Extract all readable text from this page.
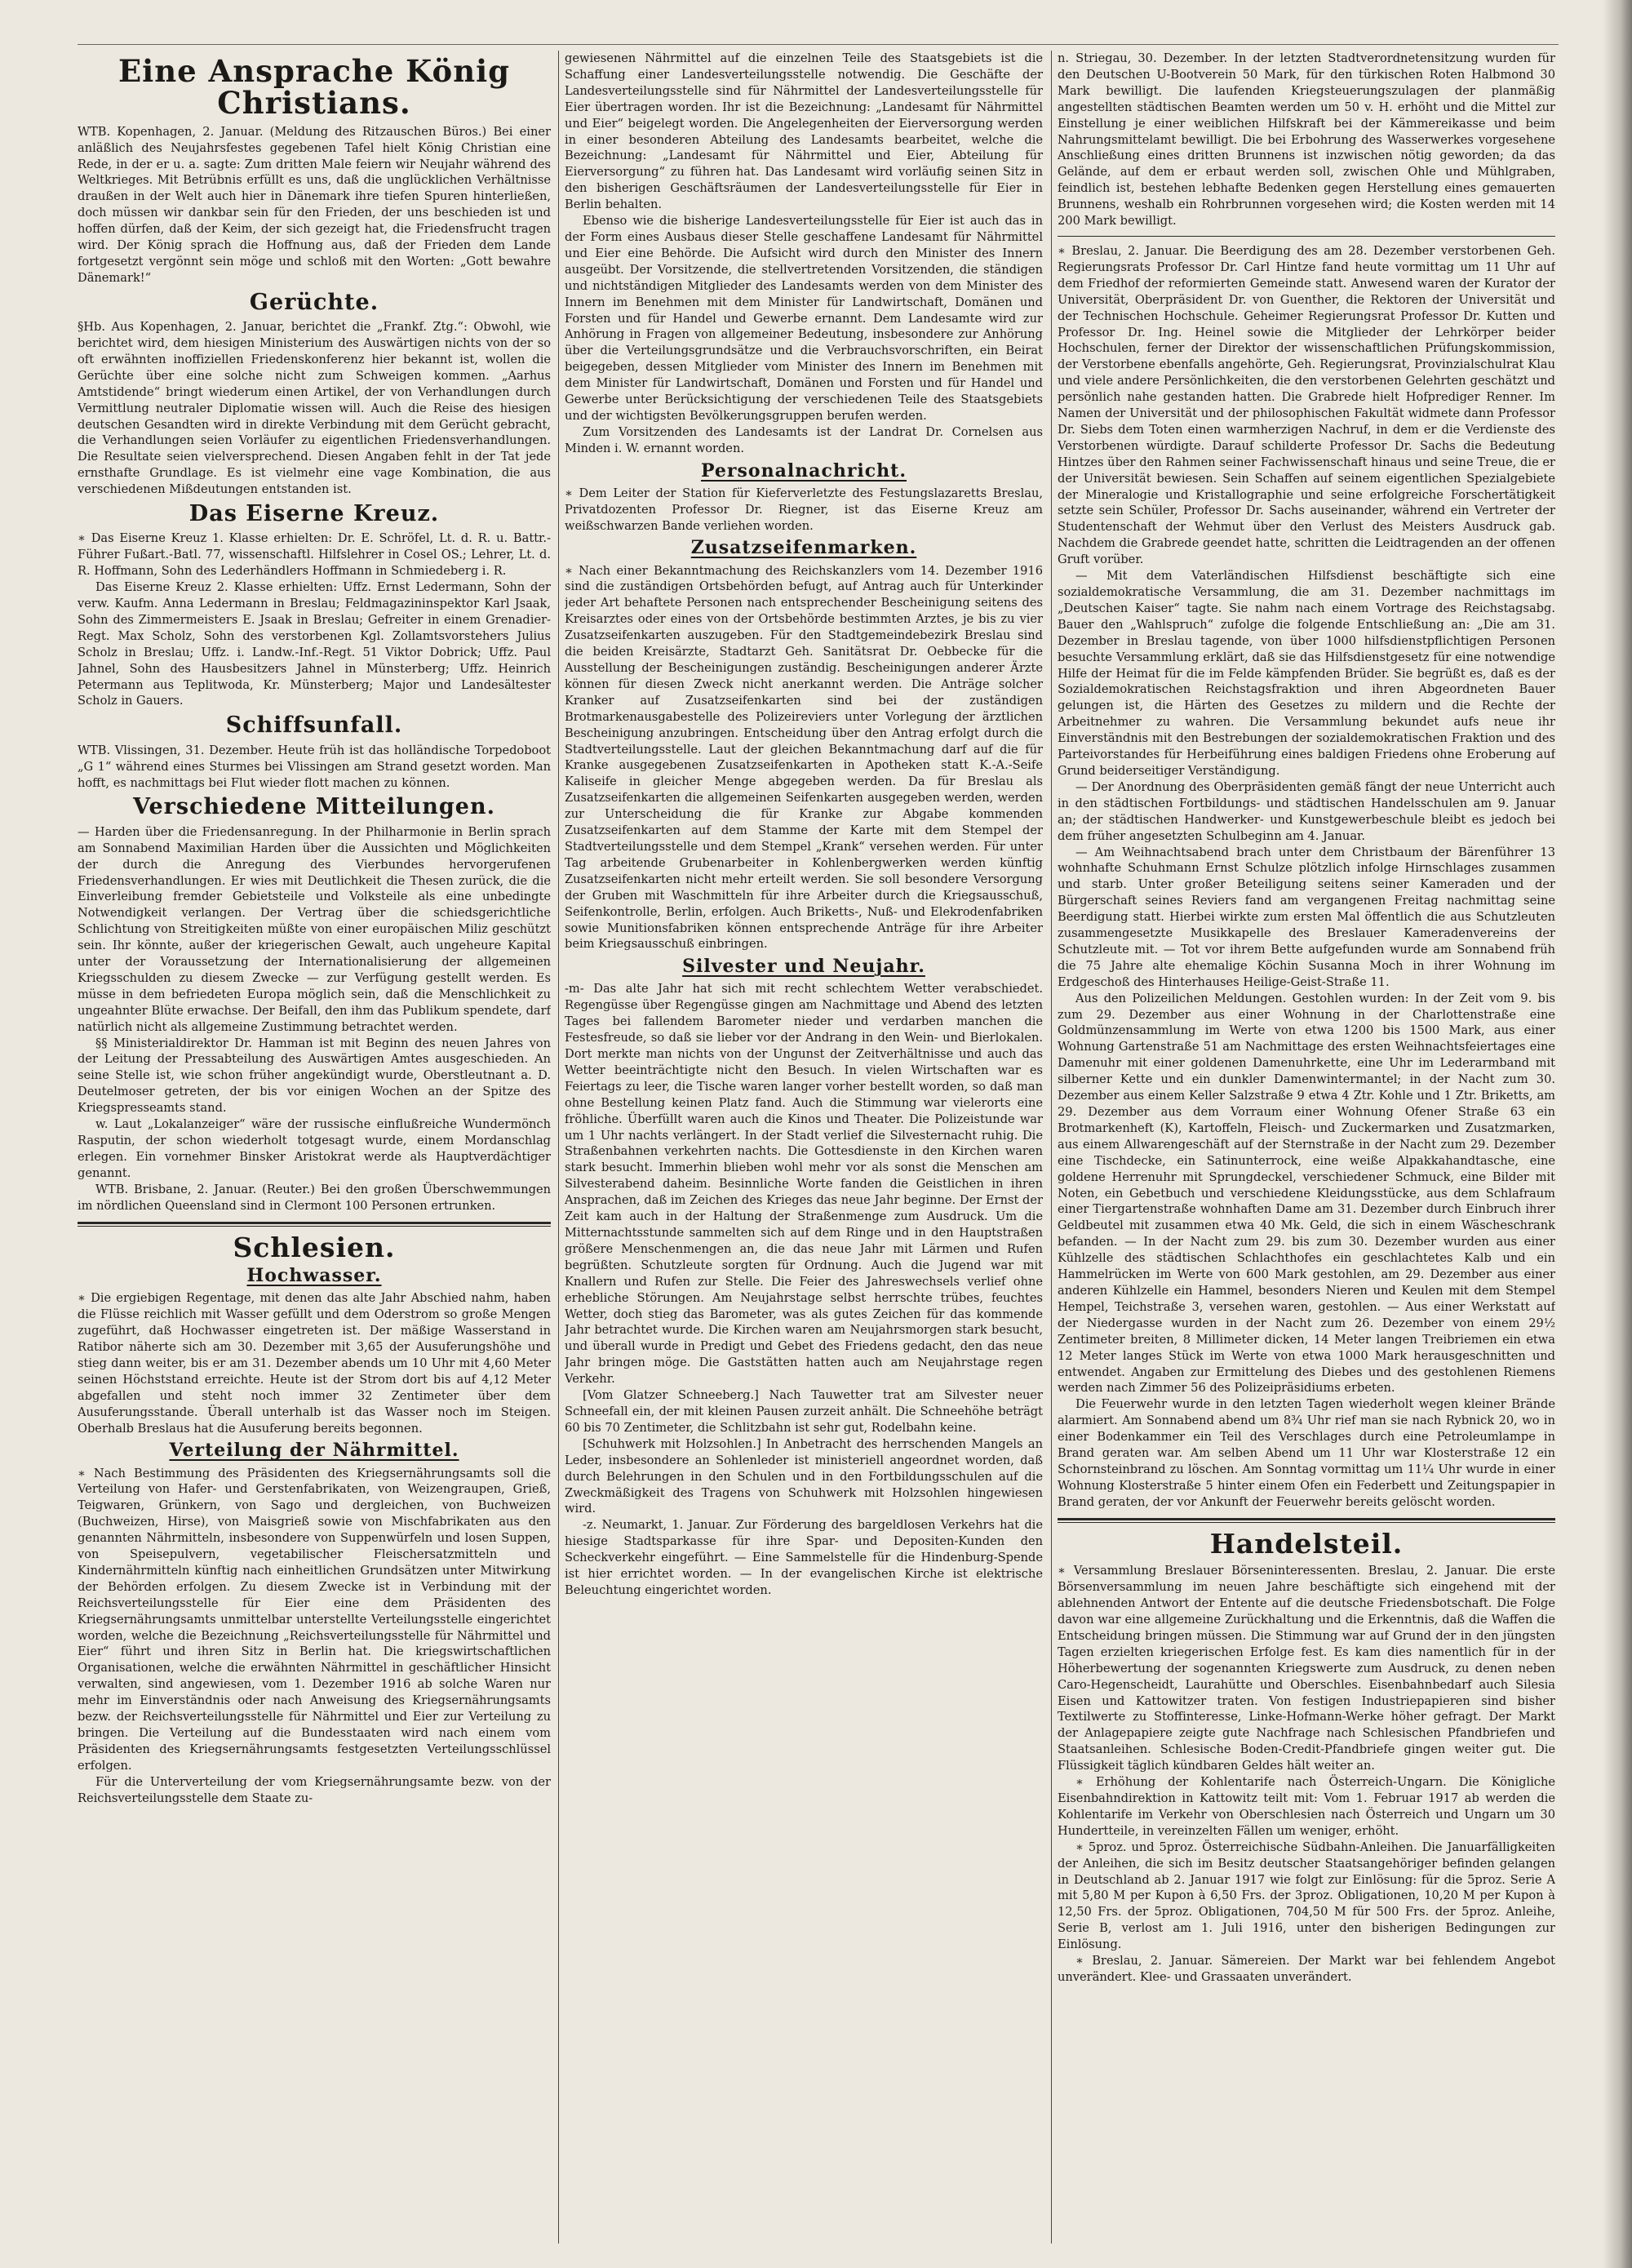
Eine Ansprache König Christians.

WTB. Kopenhagen, 2. Januar. (Meldung des Ritzauschen Büros.) Bei einer anläßlich des Neujahrsfestes gegebenen Tafel hielt König Christian eine Rede, in der er u. a. sagte: Zum dritten Male feiern wir Neujahr während des Weltkrieges. Mit Betrübnis erfüllt es uns, daß die unglücklichen Verhältnisse draußen in der Welt auch hier in Dänemark ihre tiefen Spuren hinterließen, doch müssen wir dankbar sein für den Frieden, der uns beschieden ist und hoffen dürfen, daß der Keim, der sich gezeigt hat, die Friedensfrucht tragen wird. Der König sprach die Hoffnung aus, daß der Frieden dem Lande fortgesetzt vergönnt sein möge und schloß mit den Worten: „Gott bewahre Dänemark!“

Gerüchte.

§Hb. Aus Kopenhagen, 2. Januar, berichtet die „Frankf. Ztg.“: Obwohl, wie berichtet wird, dem hiesigen Ministerium des Auswärtigen nichts von der so oft erwähnten inoffiziellen Friedenskonferenz hier bekannt ist, wollen die Gerüchte über eine solche nicht zum Schweigen kommen. „Aarhus Amtstidende“ bringt wiederum einen Artikel, der von Verhandlungen durch Vermittlung neutraler Diplomatie wissen will. Auch die Reise des hiesigen deutschen Gesandten wird in direkte Verbindung mit dem Gerücht gebracht, die Verhandlungen seien Vorläufer zu eigentlichen Friedensverhandlungen. Die Resultate seien vielversprechend. Diesen Angaben fehlt in der Tat jede ernsthafte Grundlage. Es ist vielmehr eine vage Kombination, die aus verschiedenen Mißdeutungen entstanden ist.

Das Eiserne Kreuz.

∗ Das Eiserne Kreuz 1. Klasse erhielten: Dr. E. Schröfel, Lt. d. R. u. Battr.-Führer Fußart.-Batl. 77, wissenschaftl. Hilfslehrer in Cosel OS.; Lehrer, Lt. d. R. Hoffmann, Sohn des Lederhändlers Hoffmann in Schmiedeberg i. R.

Das Eiserne Kreuz 2. Klasse erhielten: Uffz. Ernst Ledermann, Sohn der verw. Kaufm. Anna Ledermann in Breslau; Feldmagazininspektor Karl Jsaak, Sohn des Zimmermeisters E. Jsaak in Breslau; Gefreiter in einem Grenadier-Regt. Max Scholz, Sohn des verstorbenen Kgl. Zollamtsvorstehers Julius Scholz in Breslau; Uffz. i. Landw.-Inf.-Regt. 51 Viktor Dobrick; Uffz. Paul Jahnel, Sohn des Hausbesitzers Jahnel in Münsterberg; Uffz. Heinrich Petermann aus Teplitwoda, Kr. Münsterberg; Major und Landesältester Scholz in Gauers.

Schiffsunfall.

WTB. Vlissingen, 31. Dezember. Heute früh ist das holländische Torpedoboot „G 1“ während eines Sturmes bei Vlissingen am Strand gesetzt worden. Man hofft, es nachmittags bei Flut wieder flott machen zu können.

Verschiedene Mitteilungen.

— Harden über die Friedensanregung. In der Philharmonie in Berlin sprach am Sonnabend Maximilian Harden über die Aussichten und Möglichkeiten der durch die Anregung des Vierbundes hervorgerufenen Friedensverhandlungen. Er wies mit Deutlichkeit die Thesen zurück, die die Einverleibung fremder Gebietsteile und Volksteile als eine unbedingte Notwendigkeit verlangen. Der Vertrag über die schiedsgerichtliche Schlichtung von Streitigkeiten müßte von einer europäischen Miliz geschützt sein. Ihr könnte, außer der kriegerischen Gewalt, auch ungeheure Kapital unter der Voraussetzung der Internationalisierung der allgemeinen Kriegsschulden zu diesem Zwecke — zur Verfügung gestellt werden. Es müsse in dem befriedeten Europa möglich sein, daß die Menschlichkeit zu ungeahnter Blüte erwachse. Der Beifall, den ihm das Publikum spendete, darf natürlich nicht als allgemeine Zustimmung betrachtet werden.

§§ Ministerialdirektor Dr. Hamman ist mit Beginn des neuen Jahres von der Leitung der Pressabteilung des Auswärtigen Amtes ausgeschieden. An seine Stelle ist, wie schon früher angekündigt wurde, Oberstleutnant a. D. Deutelmoser getreten, der bis vor einigen Wochen an der Spitze des Kriegspresseamts stand.

w. Laut „Lokalanzeiger“ wäre der russische einflußreiche Wundermönch Rasputin, der schon wiederholt totgesagt wurde, einem Mordanschlag erlegen. Ein vornehmer Binsker Aristokrat werde als Hauptverdächtiger genannt.

WTB. Brisbane, 2. Januar. (Reuter.) Bei den großen Überschwemmungen im nördlichen Queensland sind in Clermont 100 Personen ertrunken.

Schlesien.
Hochwasser.

∗ Die ergiebigen Regentage, mit denen das alte Jahr Abschied nahm, haben die Flüsse reichlich mit Wasser gefüllt und dem Oderstrom so große Mengen zugeführt, daß Hochwasser eingetreten ist. Der mäßige Wasserstand in Ratibor näherte sich am 30. Dezember mit 3,65 der Ausuferungshöhe und stieg dann weiter, bis er am 31. Dezember abends um 10 Uhr mit 4,60 Meter seinen Höchststand erreichte. Heute ist der Strom dort bis auf 4,12 Meter abgefallen und steht noch immer 32 Zentimeter über dem Ausuferungsstande. Überall unterhalb ist das Wasser noch im Steigen. Oberhalb Breslaus hat die Ausuferung bereits begonnen.

Verteilung der Nährmittel.

∗ Nach Bestimmung des Präsidenten des Kriegsernährungsamts soll die Verteilung von Hafer- und Gerstenfabrikaten, von Weizengraupen, Grieß, Teigwaren, Grünkern, von Sago und dergleichen, von Buchweizen (Buchweizen, Hirse), von Maisgrieß sowie von Mischfabrikaten aus den genannten Nährmitteln, insbesondere von Suppenwürfeln und losen Suppen, von Speisepulvern, vegetabilischer Fleischersatzmitteln und Kindernährmitteln künftig nach einheitlichen Grundsätzen unter Mitwirkung der Behörden erfolgen. Zu diesem Zwecke ist in Verbindung mit der Reichsverteilungsstelle für Eier eine dem Präsidenten des Kriegsernährungsamts unmittelbar unterstellte Verteilungsstelle eingerichtet worden, welche die Bezeichnung „Reichsverteilungsstelle für Nährmittel und Eier“ führt und ihren Sitz in Berlin hat. Die kriegswirtschaftlichen Organisationen, welche die erwähnten Nährmittel in geschäftlicher Hinsicht verwalten, sind angewiesen, vom 1. Dezember 1916 ab solche Waren nur mehr im Einverständnis oder nach Anweisung des Kriegsernährungsamts bezw. der Reichsverteilungsstelle für Nährmittel und Eier zur Verteilung zu bringen. Die Verteilung auf die Bundesstaaten wird nach einem vom Präsidenten des Kriegsernährungsamts festgesetzten Verteilungsschlüssel erfolgen.

Für die Unterverteilung der vom Kriegsernährungsamte bezw. von der Reichsverteilungsstelle dem Staate zu-

gewiesenen Nährmittel auf die einzelnen Teile des Staatsgebiets ist die Schaffung einer Landesverteilungsstelle notwendig. Die Geschäfte der Landesverteilungsstelle sind für Nährmittel der Landesverteilungsstelle für Eier übertragen worden. Ihr ist die Bezeichnung: „Landesamt für Nährmittel und Eier“ beigelegt worden. Die Angelegenheiten der Eierversorgung werden in einer besonderen Abteilung des Landesamts bearbeitet, welche die Bezeichnung: „Landesamt für Nährmittel und Eier, Abteilung für Eierversorgung“ zu führen hat. Das Landesamt wird vorläufig seinen Sitz in den bisherigen Geschäftsräumen der Landesverteilungsstelle für Eier in Berlin behalten.

Ebenso wie die bisherige Landesverteilungsstelle für Eier ist auch das in der Form eines Ausbaus dieser Stelle geschaffene Landesamt für Nährmittel und Eier eine Behörde. Die Aufsicht wird durch den Minister des Innern ausgeübt. Der Vorsitzende, die stellvertretenden Vorsitzenden, die ständigen und nichtständigen Mitglieder des Landesamts werden von dem Minister des Innern im Benehmen mit dem Minister für Landwirtschaft, Domänen und Forsten und für Handel und Gewerbe ernannt. Dem Landesamte wird zur Anhörung in Fragen von allgemeiner Bedeutung, insbesondere zur Anhörung über die Verteilungsgrundsätze und die Verbrauchsvorschriften, ein Beirat beigegeben, dessen Mitglieder vom Minister des Innern im Benehmen mit dem Minister für Landwirtschaft, Domänen und Forsten und für Handel und Gewerbe unter Berücksichtigung der verschiedenen Teile des Staatsgebiets und der wichtigsten Bevölkerungsgruppen berufen werden.

Zum Vorsitzenden des Landesamts ist der Landrat Dr. Cornelsen aus Minden i. W. ernannt worden.

Personalnachricht.

∗ Dem Leiter der Station für Kieferverletzte des Festungslazaretts Breslau, Privatdozenten Professor Dr. Riegner, ist das Eiserne Kreuz am weißschwarzen Bande verliehen worden.

Zusatzseifenmarken.

∗ Nach einer Bekanntmachung des Reichskanzlers vom 14. Dezember 1916 sind die zuständigen Ortsbehörden befugt, auf Antrag auch für Unterkinder jeder Art behaftete Personen nach entsprechender Bescheinigung seitens des Kreisarztes oder eines von der Ortsbehörde bestimmten Arztes, je bis zu vier Zusatzseifenkarten auszugeben. Für den Stadtgemeindebezirk Breslau sind die beiden Kreisärzte, Stadtarzt Geh. Sanitätsrat Dr. Oebbecke für die Ausstellung der Bescheinigungen zuständig. Bescheinigungen anderer Ärzte können für diesen Zweck nicht anerkannt werden. Die Anträge solcher Kranker auf Zusatzseifenkarten sind bei der zuständigen Brotmarkenausgabestelle des Polizeireviers unter Vorlegung der ärztlichen Bescheinigung anzubringen. Entscheidung über den Antrag erfolgt durch die Stadtverteilungsstelle. Laut der gleichen Bekanntmachung darf auf die für Kranke ausgegebenen Zusatzseifenkarten in Apotheken statt K.-A.-Seife Kaliseife in gleicher Menge abgegeben werden. Da für Breslau als Zusatzseifenkarten die allgemeinen Seifenkarten ausgegeben werden, werden zur Unterscheidung die für Kranke zur Abgabe kommenden Zusatzseifenkarten auf dem Stamme der Karte mit dem Stempel der Stadtverteilungsstelle und dem Stempel „Krank“ versehen werden. Für unter Tag arbeitende Grubenarbeiter in Kohlenbergwerken werden künftig Zusatzseifenkarten nicht mehr erteilt werden. Sie soll besondere Versorgung der Gruben mit Waschmitteln für ihre Arbeiter durch die Kriegsausschuß, Seifenkontrolle, Berlin, erfolgen. Auch Briketts-, Nuß- und Elekrodenfabriken sowie Munitionsfabriken können entsprechende Anträge für ihre Arbeiter beim Kriegsausschuß einbringen.

Silvester und Neujahr.

-m- Das alte Jahr hat sich mit recht schlechtem Wetter verabschiedet. Regengüsse über Regengüsse gingen am Nachmittage und Abend des letzten Tages bei fallendem Barometer nieder und verdarben manchen die Festesfreude, so daß sie lieber vor der Andrang in den Wein- und Bierlokalen. Dort merkte man nichts von der Ungunst der Zeitverhältnisse und auch das Wetter beeinträchtigte nicht den Besuch. In vielen Wirtschaften war es Feiertags zu leer, die Tische waren langer vorher bestellt worden, so daß man ohne Bestellung keinen Platz fand. Auch die Stimmung war vielerorts eine fröhliche. Überfüllt waren auch die Kinos und Theater. Die Polizeistunde war um 1 Uhr nachts verlängert. In der Stadt verlief die Silvesternacht ruhig. Die Straßenbahnen verkehrten nachts. Die Gottesdienste in den Kirchen waren stark besucht. Immerhin blieben wohl mehr vor als sonst die Menschen am Silvesterabend daheim. Besinnliche Worte fanden die Geistlichen in ihren Ansprachen, daß im Zeichen des Krieges das neue Jahr beginne. Der Ernst der Zeit kam auch in der Haltung der Straßenmenge zum Ausdruck. Um die Mitternachtsstunde sammelten sich auf dem Ringe und in den Hauptstraßen größere Menschenmengen an, die das neue Jahr mit Lärmen und Rufen begrüßten. Schutzleute sorgten für Ordnung. Auch die Jugend war mit Knallern und Rufen zur Stelle. Die Feier des Jahreswechsels verlief ohne erhebliche Störungen. Am Neujahrstage selbst herrschte trübes, feuchtes Wetter, doch stieg das Barometer, was als gutes Zeichen für das kommende Jahr betrachtet wurde. Die Kirchen waren am Neujahrsmorgen stark besucht, und überall wurde in Predigt und Gebet des Friedens gedacht, den das neue Jahr bringen möge. Die Gaststätten hatten auch am Neujahrstage regen Verkehr.

[Vom Glatzer Schneeberg.] Nach Tauwetter trat am Silvester neuer Schneefall ein, der mit kleinen Pausen zurzeit anhält. Die Schneehöhe beträgt 60 bis 70 Zentimeter, die Schlitzbahn ist sehr gut, Rodelbahn keine.

[Schuhwerk mit Holzsohlen.] In Anbetracht des herrschenden Mangels an Leder, insbesondere an Sohlenleder ist ministeriell angeordnet worden, daß durch Belehrungen in den Schulen und in den Fortbildungsschulen auf die Zweckmäßigkeit des Tragens von Schuhwerk mit Holzsohlen hingewiesen wird.

-z. Neumarkt, 1. Januar. Zur Förderung des bargeldlosen Verkehrs hat die hiesige Stadtsparkasse für ihre Spar- und Depositen-Kunden den Scheckverkehr eingeführt. — Eine Sammelstelle für die Hindenburg-Spende ist hier errichtet worden. — In der evangelischen Kirche ist elektrische Beleuchtung eingerichtet worden.

n. Striegau, 30. Dezember. In der letzten Stadtverordnetensitzung wurden für den Deutschen U-Bootverein 50 Mark, für den türkischen Roten Halbmond 30 Mark bewilligt. Die laufenden Kriegsteuerungszulagen der planmäßig angestellten städtischen Beamten werden um 50 v. H. erhöht und die Mittel zur Einstellung je einer weiblichen Hilfskraft bei der Kämmereikasse und beim Nahrungsmittelamt bewilligt. Die bei Erbohrung des Wasserwerkes vorgesehene Anschließung eines dritten Brunnens ist inzwischen nötig geworden; da das Gelände, auf dem er erbaut werden soll, zwischen Ohle und Mühlgraben, feindlich ist, bestehen lebhafte Bedenken gegen Herstellung eines gemauerten Brunnens, weshalb ein Rohrbrunnen vorgesehen wird; die Kosten werden mit 14 200 Mark bewilligt.

∗ Breslau, 2. Januar. Die Beerdigung des am 28. Dezember verstorbenen Geh. Regierungsrats Professor Dr. Carl Hintze fand heute vormittag um 11 Uhr auf dem Friedhof der reformierten Gemeinde statt. Anwesend waren der Kurator der Universität, Oberpräsident Dr. von Guenther, die Rektoren der Universität und der Technischen Hochschule. Geheimer Regierungsrat Professor Dr. Kutten und Professor Dr. Ing. Heinel sowie die Mitglieder der Lehrkörper beider Hochschulen, ferner der Direktor der wissenschaftlichen Prüfungskommission, der Verstorbene ebenfalls angehörte, Geh. Regierungsrat, Provinzialschulrat Klau und viele andere Persönlichkeiten, die den verstorbenen Gelehrten geschätzt und persönlich nahe gestanden hatten. Die Grabrede hielt Hofprediger Renner. Im Namen der Universität und der philosophischen Fakultät widmete dann Professor Dr. Siebs dem Toten einen warmherzigen Nachruf, in dem er die Verdienste des Verstorbenen würdigte. Darauf schilderte Professor Dr. Sachs die Bedeutung Hintzes über den Rahmen seiner Fachwissenschaft hinaus und seine Treue, die er der Universität bewiesen. Sein Schaffen auf seinem eigentlichen Spezialgebiete der Mineralogie und Kristallographie und seine erfolgreiche Forschertätigkeit setzte sein Schüler, Professor Dr. Sachs auseinander, während ein Vertreter der Studentenschaft der Wehmut über den Verlust des Meisters Ausdruck gab. Nachdem die Grabrede geendet hatte, schritten die Leidtragenden an der offenen Gruft vorüber.

— Mit dem Vaterländischen Hilfsdienst beschäftigte sich eine sozialdemokratische Versammlung, die am 31. Dezember nachmittags im „Deutschen Kaiser“ tagte. Sie nahm nach einem Vortrage des Reichstagsabg. Bauer den „Wahlspruch“ zufolge die folgende Entschließung an: „Die am 31. Dezember in Breslau tagende, von über 1000 hilfsdienstpflichtigen Personen besuchte Versammlung erklärt, daß sie das Hilfsdienstgesetz für eine notwendige Hilfe der Heimat für die im Felde kämpfenden Brüder. Sie begrüßt es, daß es der Sozialdemokratischen Reichstagsfraktion und ihren Abgeordneten Bauer gelungen ist, die Härten des Gesetzes zu mildern und die Rechte der Arbeitnehmer zu wahren. Die Versammlung bekundet aufs neue ihr Einverständnis mit den Bestrebungen der sozialdemokratischen Fraktion und des Parteivorstandes für Herbeiführung eines baldigen Friedens ohne Eroberung auf Grund beiderseitiger Verständigung.

— Der Anordnung des Oberpräsidenten gemäß fängt der neue Unterricht auch in den städtischen Fortbildungs- und städtischen Handelsschulen am 9. Januar an; der städtischen Handwerker- und Kunstgewerbeschule bleibt es jedoch bei dem früher angesetzten Schulbeginn am 4. Januar.

— Am Weihnachtsabend brach unter dem Christbaum der Bärenführer 13 wohnhafte Schuhmann Ernst Schulze plötzlich infolge Hirnschlages zusammen und starb. Unter großer Beteiligung seitens seiner Kameraden und der Bürgerschaft seines Reviers fand am vergangenen Freitag nachmittag seine Beerdigung statt. Hierbei wirkte zum ersten Mal öffentlich die aus Schutzleuten zusammengesetzte Musikkapelle des Breslauer Kameradenvereins der Schutzleute mit. — Tot vor ihrem Bette aufgefunden wurde am Sonnabend früh die 75 Jahre alte ehemalige Köchin Susanna Moch in ihrer Wohnung im Erdgeschoß des Hinterhauses Heilige-Geist-Straße 11.

Aus den Polizeilichen Meldungen. Gestohlen wurden: In der Zeit vom 9. bis zum 29. Dezember aus einer Wohnung in der Charlottenstraße eine Goldmünzensammlung im Werte von etwa 1200 bis 1500 Mark, aus einer Wohnung Gartenstraße 51 am Nachmittage des ersten Weihnachtsfeiertages eine Damenuhr mit einer goldenen Damenuhrkette, eine Uhr im Lederarmband mit silberner Kette und ein dunkler Damenwintermantel; in der Nacht zum 30. Dezember aus einem Keller Salzstraße 9 etwa 4 Ztr. Kohle und 1 Ztr. Briketts, am 29. Dezember aus dem Vorraum einer Wohnung Ofener Straße 63 ein Brotmarkenheft (K), Kartoffeln, Fleisch- und Zuckermarken und Zusatzmarken, aus einem Allwarengeschäft auf der Sternstraße in der Nacht zum 29. Dezember eine Tischdecke, ein Satinunterrock, eine weiße Alpakkahandtasche, eine goldene Herrenuhr mit Sprungdeckel, verschiedener Schmuck, eine Bilder mit Noten, ein Gebetbuch und verschiedene Kleidungsstücke, aus dem Schlafraum einer Tiergartenstraße wohnhaften Dame am 31. Dezember durch Einbruch ihrer Geldbeutel mit zusammen etwa 40 Mk. Geld, die sich in einem Wäscheschrank befanden. — In der Nacht zum 29. bis zum 30. Dezember wurden aus einer Kühlzelle des städtischen Schlachthofes ein geschlachtetes Kalb und ein Hammelrücken im Werte von 600 Mark gestohlen, am 29. Dezember aus einer anderen Kühlzelle ein Hammel, besonders Nieren und Keulen mit dem Stempel Hempel, Teichstraße 3, versehen waren, gestohlen. — Aus einer Werkstatt auf der Niedergasse wurden in der Nacht zum 26. Dezember von einem 29½ Zentimeter breiten, 8 Millimeter dicken, 14 Meter langen Treibriemen ein etwa 12 Meter langes Stück im Werte von etwa 1000 Mark herausgeschnitten und entwendet. Angaben zur Ermittelung des Diebes und des gestohlenen Riemens werden nach Zimmer 56 des Polizeipräsidiums erbeten.

Die Feuerwehr wurde in den letzten Tagen wiederholt wegen kleiner Brände alarmiert. Am Sonnabend abend um 8¾ Uhr rief man sie nach Rybnick 20, wo in einer Bodenkammer ein Teil des Verschlages durch eine Petroleumlampe in Brand geraten war. Am selben Abend um 11 Uhr war Klosterstraße 12 ein Schornsteinbrand zu löschen. Am Sonntag vormittag um 11¼ Uhr wurde in einer Wohnung Klosterstraße 5 hinter einem Ofen ein Federbett und Zeitungspapier in Brand geraten, der vor Ankunft der Feuerwehr bereits gelöscht worden.

Handelsteil.

∗ Versammlung Breslauer Börseninteressenten. Breslau, 2. Januar. Die erste Börsenversammlung im neuen Jahre beschäftigte sich eingehend mit der ablehnenden Antwort der Entente auf die deutsche Friedensbotschaft. Die Folge davon war eine allgemeine Zurückhaltung und die Erkenntnis, daß die Waffen die Entscheidung bringen müssen. Die Stimmung war auf Grund der in den jüngsten Tagen erzielten kriegerischen Erfolge fest. Es kam dies namentlich für in der Höherbewertung der sogenannten Kriegswerte zum Ausdruck, zu denen neben Caro-Hegenscheidt, Laurahütte und Oberschles. Eisenbahnbedarf auch Silesia Eisen und Kattowitzer traten. Von festigen Industriepapieren sind bisher Textilwerte zu Stoffinteresse, Linke-Hofmann-Werke höher gefragt. Der Markt der Anlagepapiere zeigte gute Nachfrage nach Schlesischen Pfandbriefen und Staatsanleihen. Schlesische Boden-Credit-Pfandbriefe gingen weiter gut. Die Flüssigkeit täglich kündbaren Geldes hält weiter an.

∗ Erhöhung der Kohlentarife nach Österreich-Ungarn. Die Königliche Eisenbahndirektion in Kattowitz teilt mit: Vom 1. Februar 1917 ab werden die Kohlentarife im Verkehr von Oberschlesien nach Österreich und Ungarn um 30 Hundertteile, in vereinzelten Fällen um weniger, erhöht.

∗ 5proz. und 5proz. Österreichische Südbahn-Anleihen. Die Januarfälligkeiten der Anleihen, die sich im Besitz deutscher Staatsangehöriger befinden gelangen in Deutschland ab 2. Januar 1917 wie folgt zur Einlösung: für die 5proz. Serie A mit 5,80 M per Kupon à 6,50 Frs. der 3proz. Obligationen, 10,20 M per Kupon à 12,50 Frs. der 5proz. Obligationen, 704,50 M für 500 Frs. der 5proz. Anleihe, Serie B, verlost am 1. Juli 1916, unter den bisherigen Bedingungen zur Einlösung.

∗ Breslau, 2. Januar. Sämereien. Der Markt war bei fehlendem Angebot unverändert. Klee- und Grassaaten unverändert.
